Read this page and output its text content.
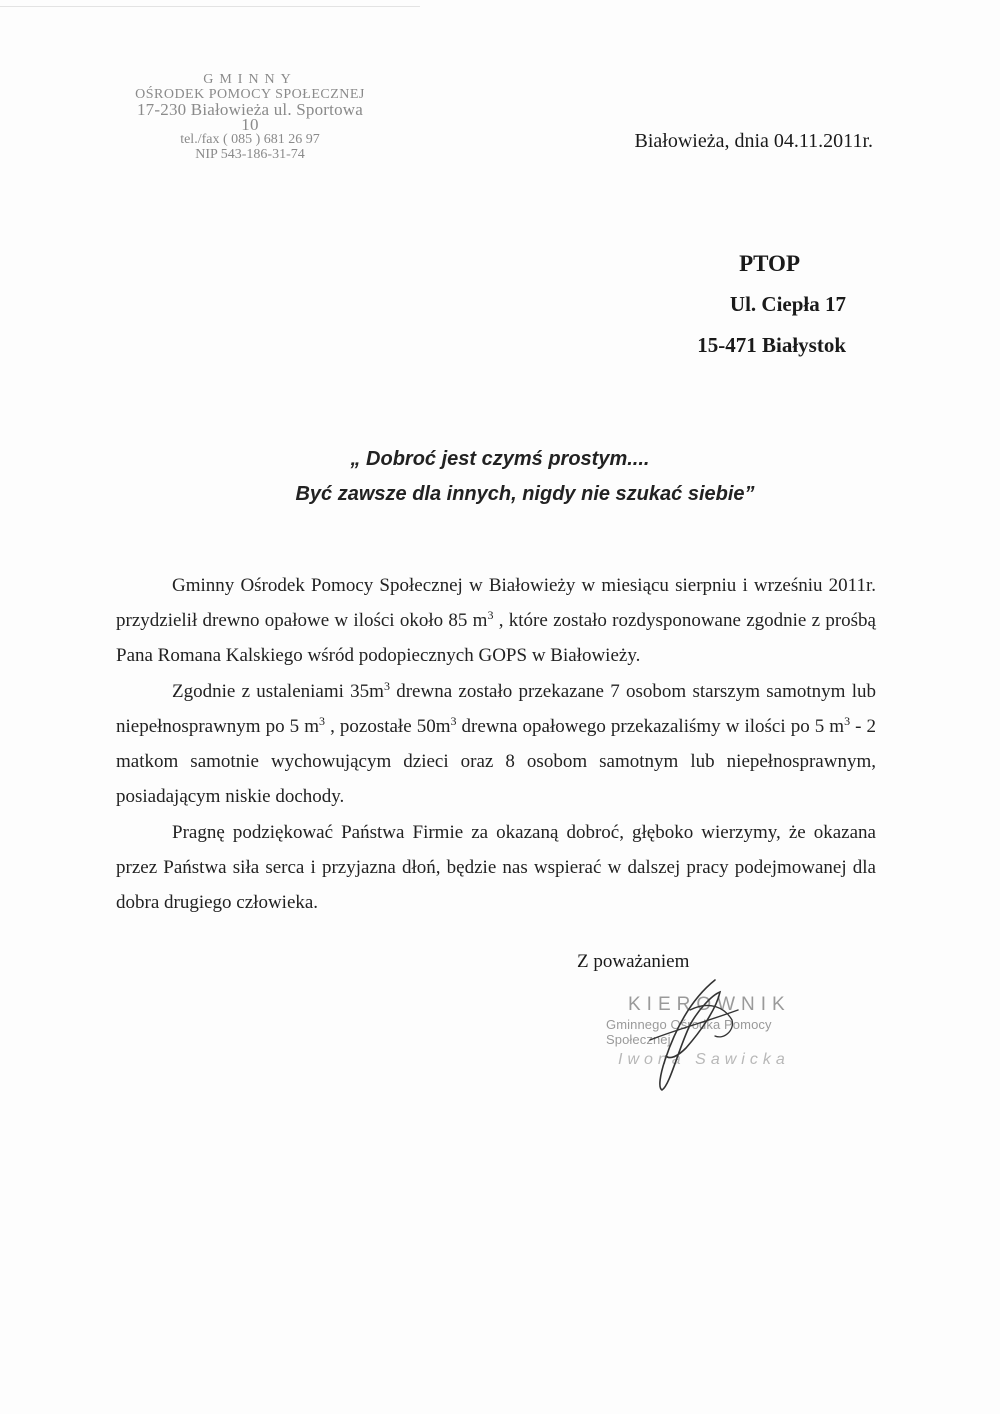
GMINNY
OŚRODEK POMOCY SPOŁECZNEJ
17-230 Białowieża ul. Sportowa 10
tel./fax ( 085 ) 681 26 97
NIP 543-186-31-74
Białowieża, dnia 04.11.2011r.
PTOP
Ul. Ciepła 17
15-471 Białystok
„ Dobroć jest czymś prostym....
Być zawsze dla innych, nigdy nie szukać siebie”

Gminny Ośrodek Pomocy Społecznej w Białowieży w miesiącu sierpniu i wrześniu 2011r. przydzielił drewno opałowe w ilości około 85 $m^3$ , które zostało rozdysponowane zgodnie z prośbą Pana Romana Kalskiego wśród podopiecznych GOPS w Białowieży.

Zgodnie z ustaleniami $35m^3$ drewna zostało przekazane 7 osobom starszym samotnym lub niepełnosprawnym po 5 $m^3$ , pozostałe $50m^3$ drewna opałowego przekazaliśmy w ilości po 5 $m^3 - 2$ matkom samotnie wychowującym dzieci oraz 8 osobom samotnym lub niepełnosprawnym, posiadającym niskie dochody.

Pragnę podziękować Państwa Firmie za okazaną dobroć, głęboko wierzymy, że okazana przez Państwa siła serca i przyjazna dłoń, będzie nas wspierać w dalszej pracy podejmowanej dla dobra drugiego człowieka.

Z poważaniem
KIEROWNIK
Gminnego Ośrodka Pomocy Społecznej
Iwona Sawicka
